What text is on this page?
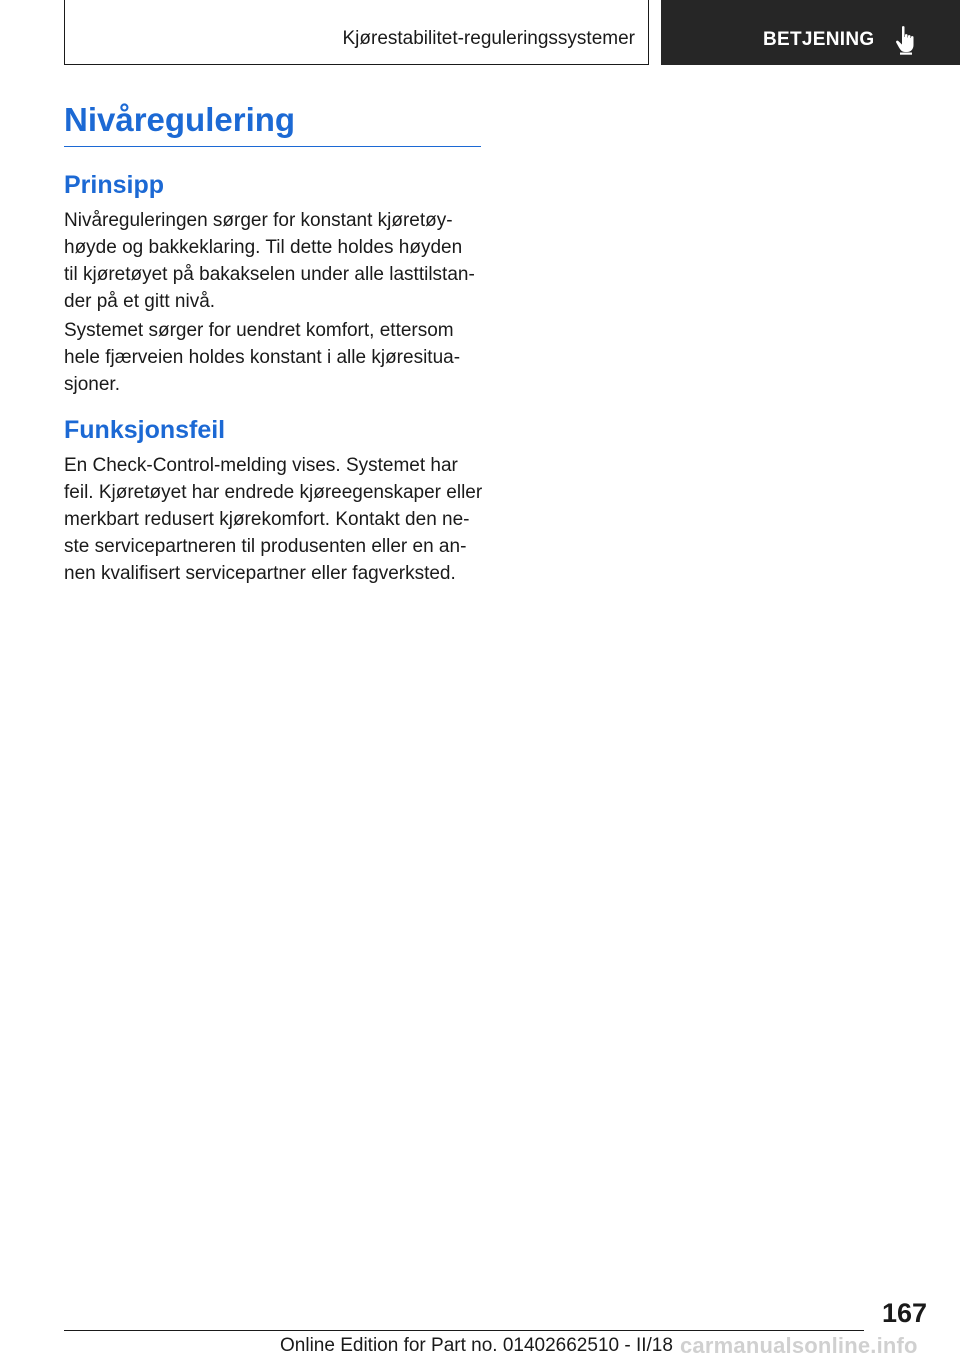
Kjørestabilitet-reguleringssystemer	BETJENING
Nivåregulering
Prinsipp

Nivåreguleringen sørger for konstant kjøretøy-
høyde og bakkeklaring. Til dette holdes høyden
til kjøretøyet på bakakselen under alle lasttilstan-
der på et gitt nivå.

Systemet sørger for uendret komfort, ettersom
hele fjærveien holdes konstant i alle kjøresitua-
sjoner.

Funksjonsfeil

En Check-Control-melding vises. Systemet har
feil. Kjøretøyet har endrede kjøreegenskaper eller
merkbart redusert kjørekomfort. Kontakt den ne-
ste servicepartneren til produsenten eller en an-
nen kvalifisert servicepartner eller fagverksted.

167
Online Edition for Part no. 01402662510 - II/18 carmanualsonline.info
